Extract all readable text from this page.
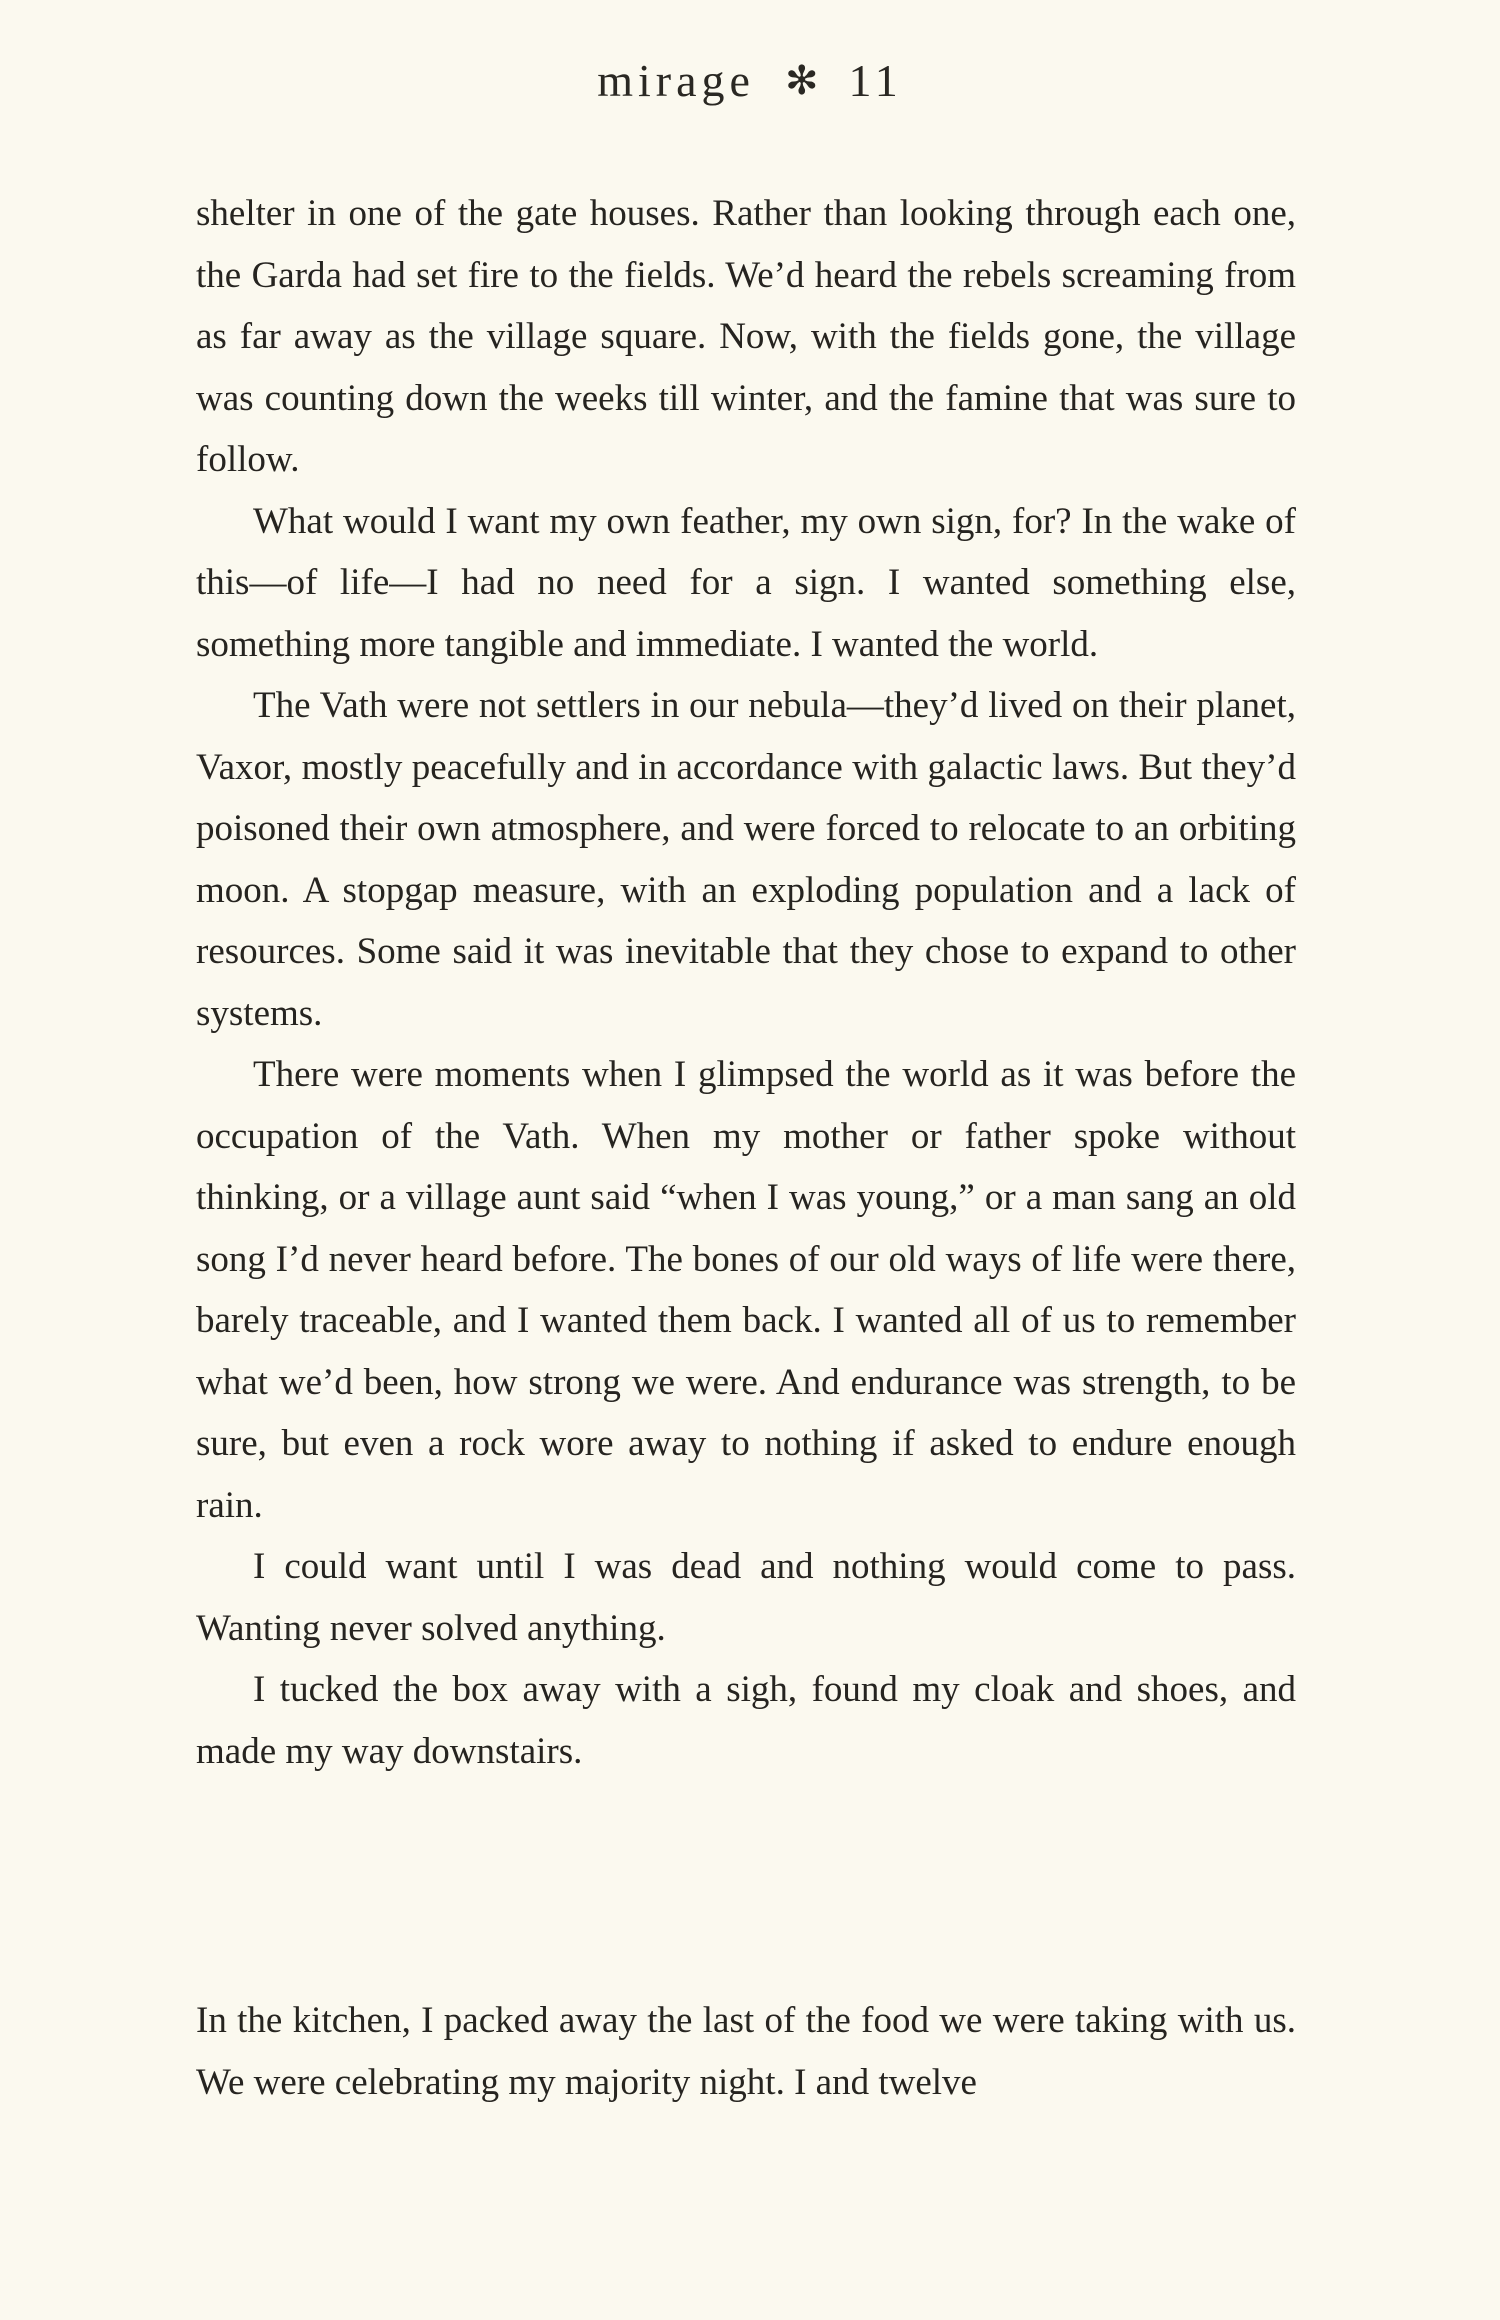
mirage ✻ 11

shelter in one of the gate houses. Rather than looking through each one, the Garda had set fire to the fields. We’d heard the rebels screaming from as far away as the village square. Now, with the fields gone, the village was counting down the weeks till winter, and the famine that was sure to follow.

What would I want my own feather, my own sign, for? In the wake of this—of life—I had no need for a sign. I wanted something else, something more tangible and immediate. I wanted the world.

The Vath were not settlers in our nebula—they’d lived on their planet, Vaxor, mostly peacefully and in accordance with galactic laws. But they’d poisoned their own atmosphere, and were forced to relocate to an orbiting moon. A stopgap measure, with an exploding population and a lack of resources. Some said it was inevitable that they chose to expand to other systems.

There were moments when I glimpsed the world as it was before the occupation of the Vath. When my mother or father spoke without thinking, or a village aunt said “when I was young,” or a man sang an old song I’d never heard before. The bones of our old ways of life were there, barely traceable, and I wanted them back. I wanted all of us to remember what we’d been, how strong we were. And endurance was strength, to be sure, but even a rock wore away to nothing if asked to endure enough rain.

I could want until I was dead and nothing would come to pass. Wanting never solved anything.

I tucked the box away with a sigh, found my cloak and shoes, and made my way downstairs.

In the kitchen, I packed away the last of the food we were taking with us. We were celebrating my majority night. I and twelve
